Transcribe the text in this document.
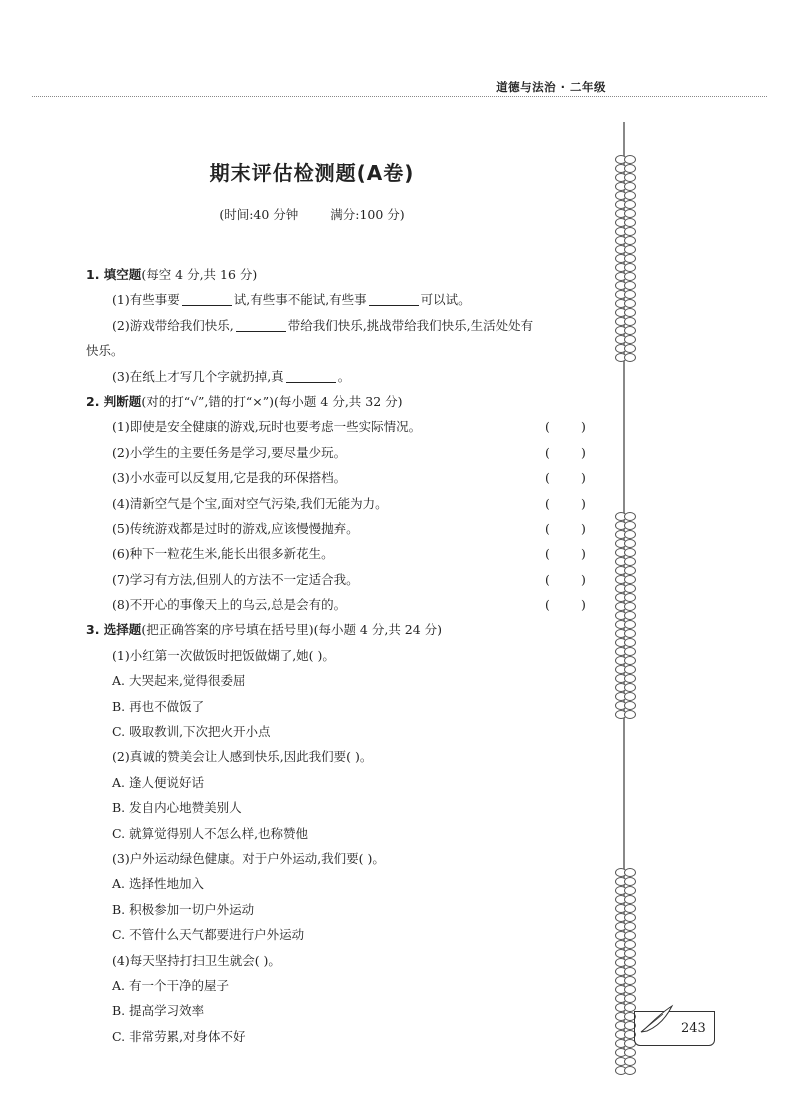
道德与法治 · 二年级
期末评估检测题(A卷)
(时间:40 分钟	满分:100 分)
1. 填空题(每空 4 分,共 16 分)
(1)有些事要	试,有些事不能试,有些事	可以试。
(2)游戏带给我们快乐,	带给我们快乐,挑战带给我们快乐,生活处处有
快乐。
(3)在纸上才写几个字就扔掉,真	。
2. 判断题(对的打“√”,错的打“×”)(每小题 4 分,共 32 分)
(1)即使是安全健康的游戏,玩时也要考虑一些实际情况。	( )
(2)小学生的主要任务是学习,要尽量少玩。	( )
(3)小水壶可以反复用,它是我的环保搭档。	( )
(4)清新空气是个宝,面对空气污染,我们无能为力。	( )
(5)传统游戏都是过时的游戏,应该慢慢抛弃。	( )
(6)种下一粒花生米,能长出很多新花生。	( )
(7)学习有方法,但别人的方法不一定适合我。	( )
(8)不开心的事像天上的乌云,总是会有的。	( )
3. 选择题(把正确答案的序号填在括号里)(每小题 4 分,共 24 分)
(1)小红第一次做饭时把饭做煳了,她( )。
A. 大哭起来,觉得很委屈
B. 再也不做饭了
C. 吸取教训,下次把火开小点
(2)真诚的赞美会让人感到快乐,因此我们要( )。
A. 逢人便说好话
B. 发自内心地赞美别人
C. 就算觉得别人不怎么样,也称赞他
(3)户外运动绿色健康。对于户外运动,我们要( )。
A. 选择性地加入
B. 积极参加一切户外运动
C. 不管什么天气都要进行户外运动
(4)每天坚持打扫卫生就会( )。
A. 有一个干净的屋子
B. 提高学习效率
C. 非常劳累,对身体不好
243
